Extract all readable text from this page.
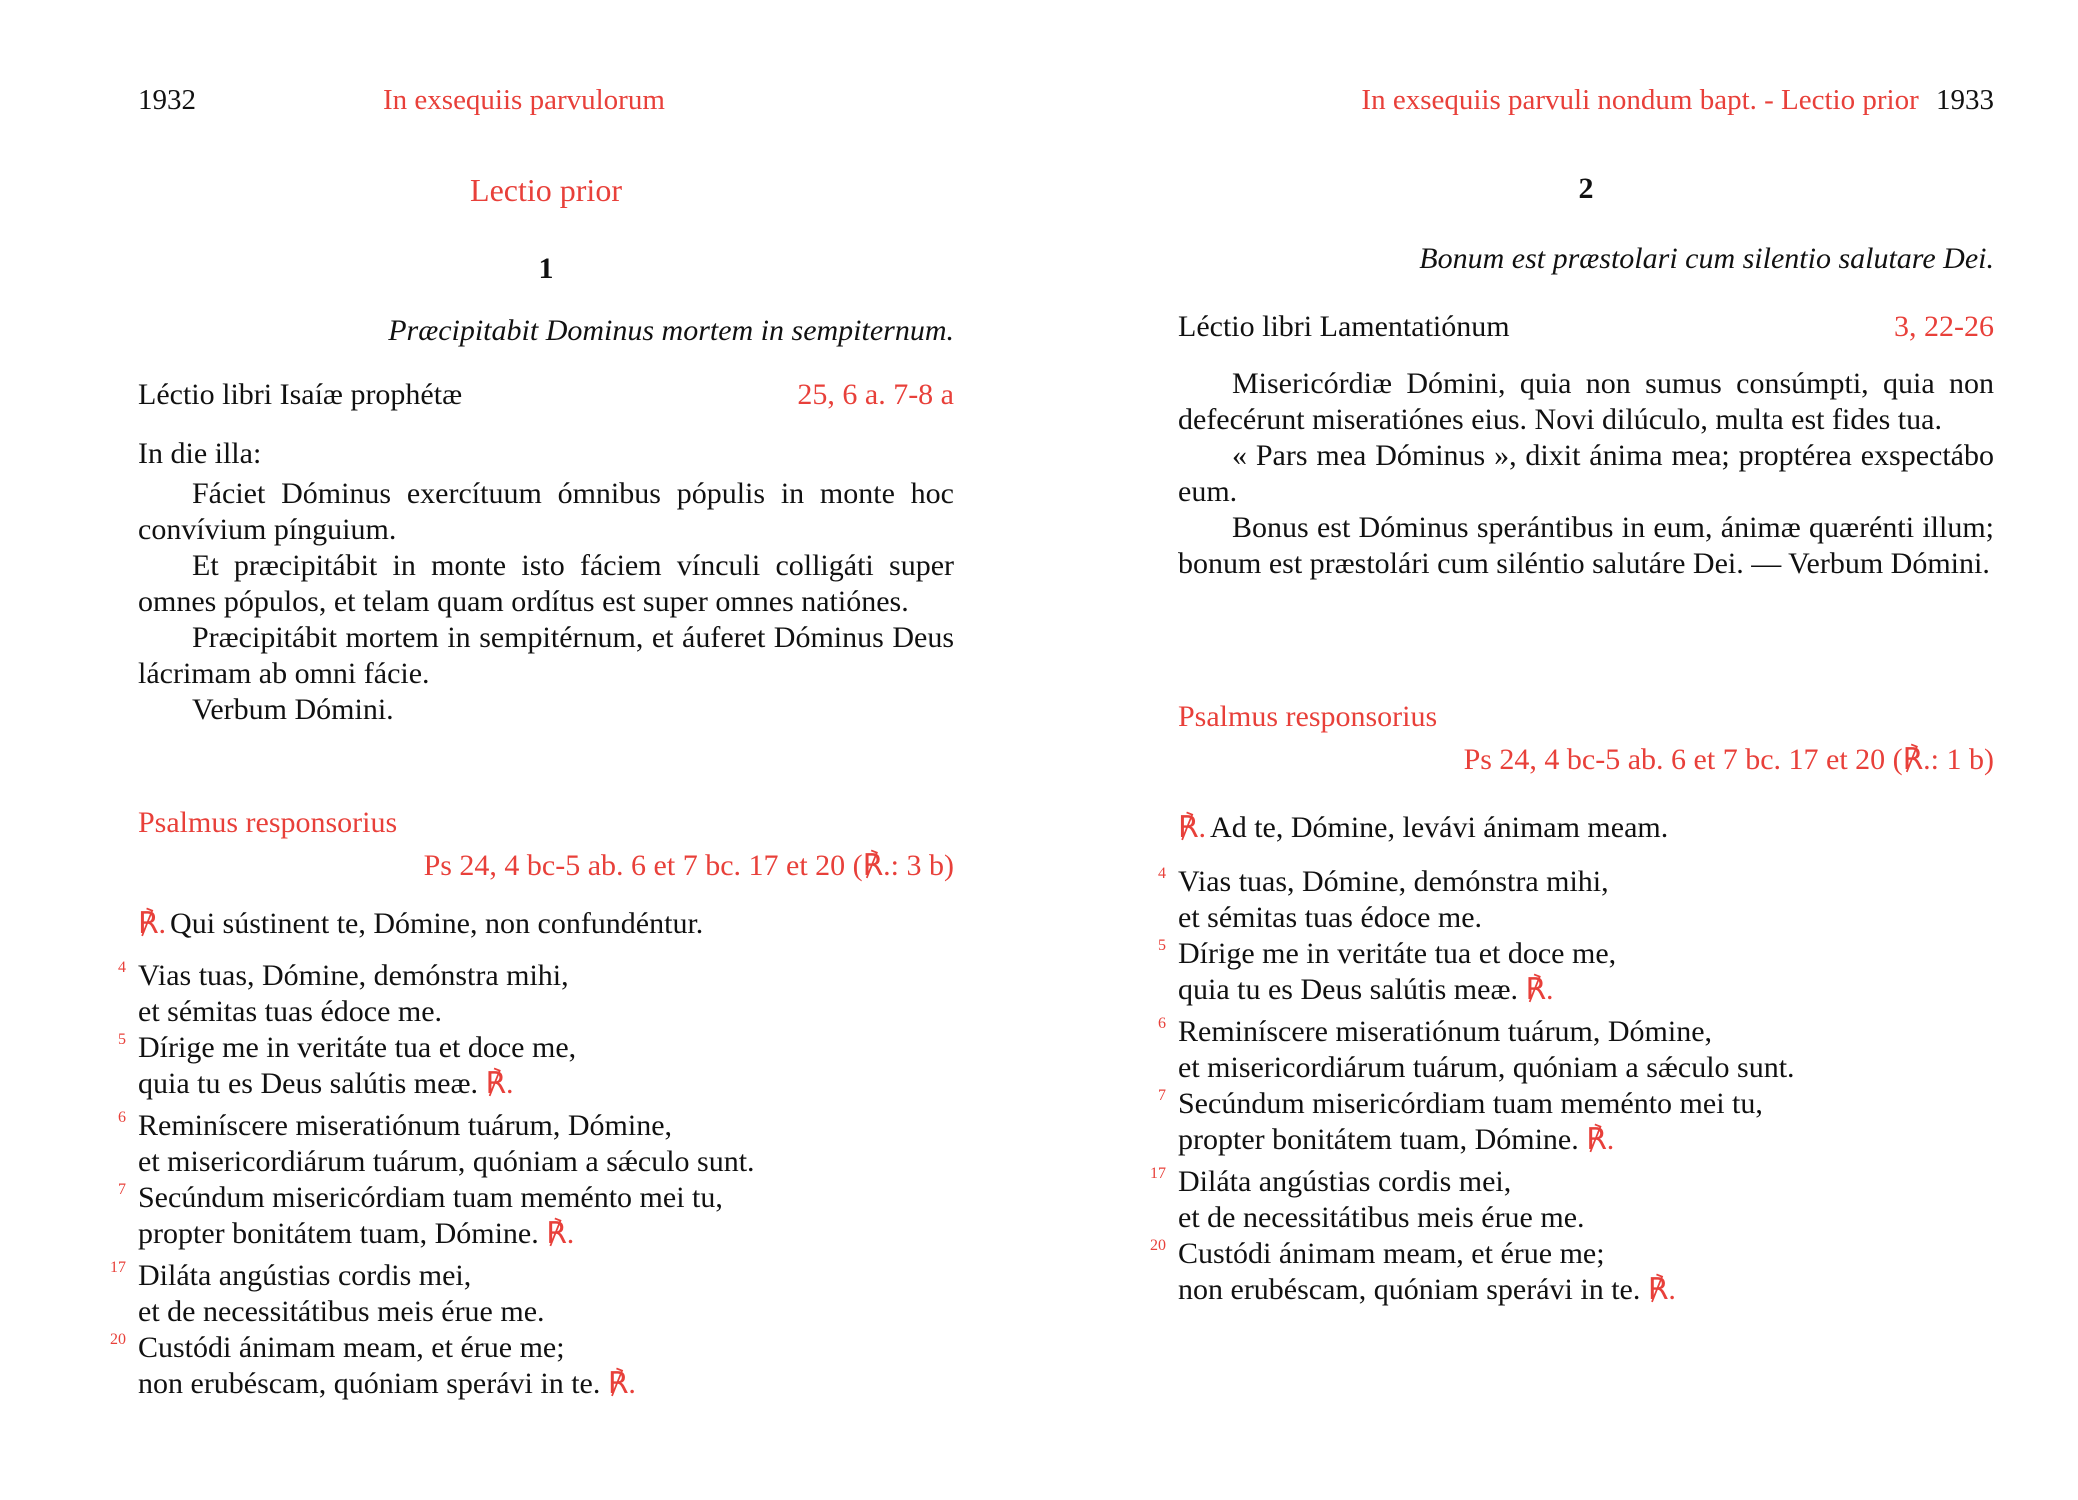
1932	In exsequiis parvulorum
Lectio prior
1
Præcipitabit Dominus mortem in sempiternum.
Léctio libri Isaíæ prophétæ	25, 6 a. 7-8 a

In die illa:

Fáciet Dóminus exercítuum ómnibus pópulis in monte hoc convívium pínguium.

Et præcipitábit in monte isto fáciem vínculi colligáti super omnes pópulos, et telam quam ordítus est super omnes natiónes.

Præcipitábit mortem in sempitérnum, et áuferet Dóminus Deus lácrimam ab omni fácie.

Verbum Dómini.

Psalmus responsorius
Ps 24, 4 bc-5 ab. 6 et 7 bc. 17 et 20 (℟.: 3 b)
℟. Qui sústinent te, Dómine, non confundéntur.
4 Vias tuas, Dómine, demónstra mihi,
et sémitas tuas édoce me.
5 Dírige me in veritáte tua et doce me,
quia tu es Deus salútis meæ. ℟.
6 Reminíscere miseratiónum tuárum, Dómine,
et misericordiárum tuárum, quóniam a sǽculo sunt.
7 Secúndum misericórdiam tuam meménto mei tu,
propter bonitátem tuam, Dómine. ℟.
17 Diláta angústias cordis mei,
et de necessitátibus meis érue me.
20 Custódi ánimam meam, et érue me;
non erubéscam, quóniam sperávi in te. ℟.
In exsequiis parvuli nondum bapt. - Lectio prior 1933
2
Bonum est præstolari cum silentio salutare Dei.
Léctio libri Lamentatiónum	3, 22-26

Misericórdiæ Dómini, quia non sumus consúmpti, quia non defecérunt miseratiónes eius. Novi dilúculo, multa est fides tua.

« Pars mea Dóminus », dixit ánima mea; proptérea exspectábo eum.

Bonus est Dóminus sperántibus in eum, ánimæ quærénti illum; bonum est præstolári cum siléntio salutáre Dei. — Verbum Dómini.

Psalmus responsorius
Ps 24, 4 bc-5 ab. 6 et 7 bc. 17 et 20 (℟.: 1 b)
℟. Ad te, Dómine, levávi ánimam meam.
4 Vias tuas, Dómine, demónstra mihi,
et sémitas tuas édoce me.
5 Dírige me in veritáte tua et doce me,
quia tu es Deus salútis meæ. ℟.
6 Reminíscere miseratiónum tuárum, Dómine,
et misericordiárum tuárum, quóniam a sǽculo sunt.
7 Secúndum misericórdiam tuam meménto mei tu,
propter bonitátem tuam, Dómine. ℟.
17 Diláta angústias cordis mei,
et de necessitátibus meis érue me.
20 Custódi ánimam meam, et érue me;
non erubéscam, quóniam sperávi in te. ℟.
